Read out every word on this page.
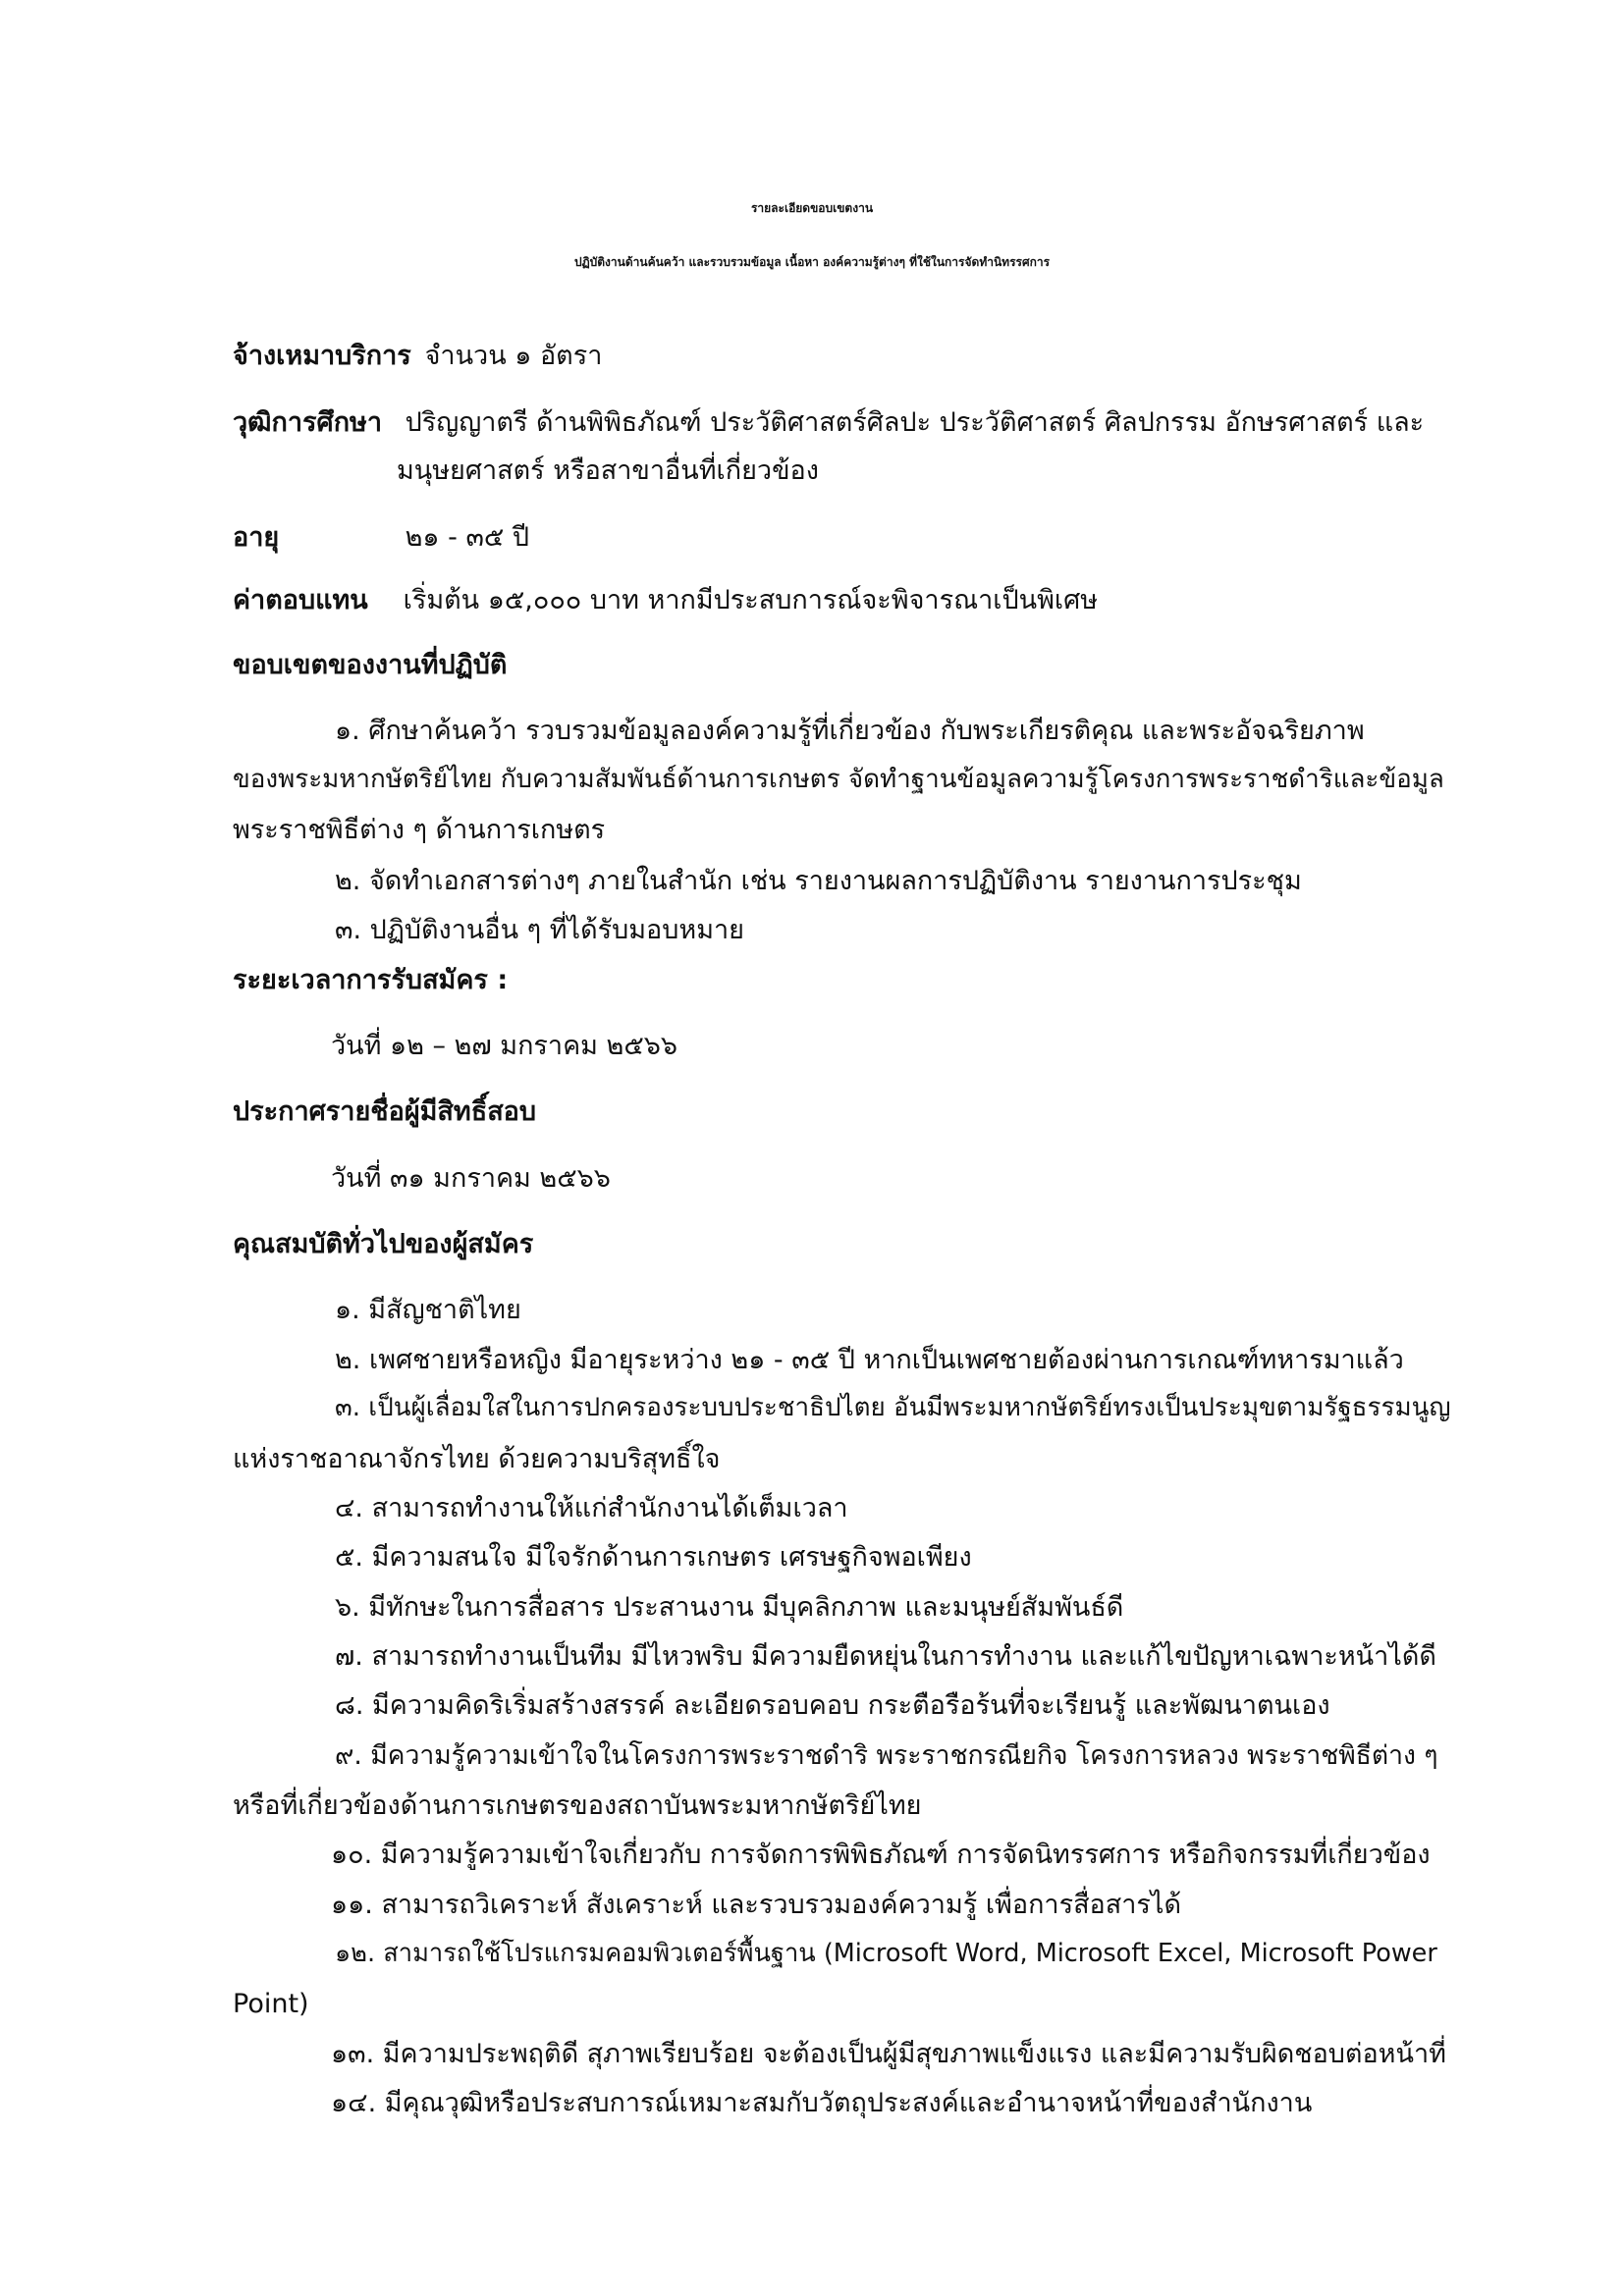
รายละเอียดขอบเขตงาน
ปฏิบัติงานด้านค้นคว้า และรวบรวมข้อมูล เนื้อหา องค์ความรู้ต่างๆ ที่ใช้ในการจัดทำนิทรรศการ
จ้างเหมาบริการ จำนวน ๑ อัตรา
วุฒิการศึกษา ปริญญาตรี ด้านพิพิธภัณฑ์ ประวัติศาสตร์ศิลปะ ประวัติศาสตร์ ศิลปกรรม อักษรศาสตร์ และ
มนุษยศาสตร์ หรือสาขาอื่นที่เกี่ยวข้อง
อายุ	๒๑ - ๓๕ ปี
ค่าตอบแทน เริ่มต้น ๑๕,๐๐๐ บาท หากมีประสบการณ์จะพิจารณาเป็นพิเศษ
ขอบเขตของงานที่ปฏิบัติ
๑. ศึกษาค้นคว้า รวบรวมข้อมูลองค์ความรู้ที่เกี่ยวข้อง กับพระเกียรติคุณ และพระอัจฉริยภาพ
ของพระมหากษัตริย์ไทย กับความสัมพันธ์ด้านการเกษตร จัดทำฐานข้อมูลความรู้โครงการพระราชดำริและข้อมูล
พระราชพิธีต่าง ๆ ด้านการเกษตร
๒. จัดทำเอกสารต่างๆ ภายในสำนัก เช่น รายงานผลการปฏิบัติงาน รายงานการประชุม
๓. ปฏิบัติงานอื่น ๆ ที่ได้รับมอบหมาย
ระยะเวลาการรับสมัคร :
วันที่ ๑๒ – ๒๗ มกราคม ๒๕๖๖
ประกาศรายชื่อผู้มีสิทธิ์สอบ
วันที่ ๓๑ มกราคม ๒๕๖๖
คุณสมบัติทั่วไปของผู้สมัคร
๑. มีสัญชาติไทย
๒. เพศชายหรือหญิง มีอายุระหว่าง ๒๑ - ๓๕ ปี หากเป็นเพศชายต้องผ่านการเกณฑ์ทหารมาแล้ว
๓. เป็นผู้เลื่อมใสในการปกครองระบบประชาธิปไตย อันมีพระมหากษัตริย์ทรงเป็นประมุขตามรัฐธรรมนูญ
แห่งราชอาณาจักรไทย ด้วยความบริสุทธิ์ใจ
๔. สามารถทำงานให้แก่สำนักงานได้เต็มเวลา
๕. มีความสนใจ มีใจรักด้านการเกษตร เศรษฐกิจพอเพียง
๖. มีทักษะในการสื่อสาร ประสานงาน มีบุคลิกภาพ และมนุษย์สัมพันธ์ดี
๗. สามารถทำงานเป็นทีม มีไหวพริบ มีความยืดหยุ่นในการทำงาน และแก้ไขปัญหาเฉพาะหน้าได้ดี
๘. มีความคิดริเริ่มสร้างสรรค์ ละเอียดรอบคอบ กระตือรือร้นที่จะเรียนรู้ และพัฒนาตนเอง
๙. มีความรู้ความเข้าใจในโครงการพระราชดำริ พระราชกรณียกิจ โครงการหลวง พระราชพิธีต่าง ๆ
หรือที่เกี่ยวข้องด้านการเกษตรของสถาบันพระมหากษัตริย์ไทย
๑๐. มีความรู้ความเข้าใจเกี่ยวกับ การจัดการพิพิธภัณฑ์ การจัดนิทรรศการ หรือกิจกรรมที่เกี่ยวข้อง
๑๑. สามารถวิเคราะห์ สังเคราะห์ และรวบรวมองค์ความรู้ เพื่อการสื่อสารได้
๑๒. สามารถใช้โปรแกรมคอมพิวเตอร์พื้นฐาน (Microsoft Word, Microsoft Excel, Microsoft Power
Point)
๑๓. มีความประพฤติดี สุภาพเรียบร้อย จะต้องเป็นผู้มีสุขภาพแข็งแรง และมีความรับผิดชอบต่อหน้าที่
๑๔. มีคุณวุฒิหรือประสบการณ์เหมาะสมกับวัตถุประสงค์และอำนาจหน้าที่ของสำนักงาน
